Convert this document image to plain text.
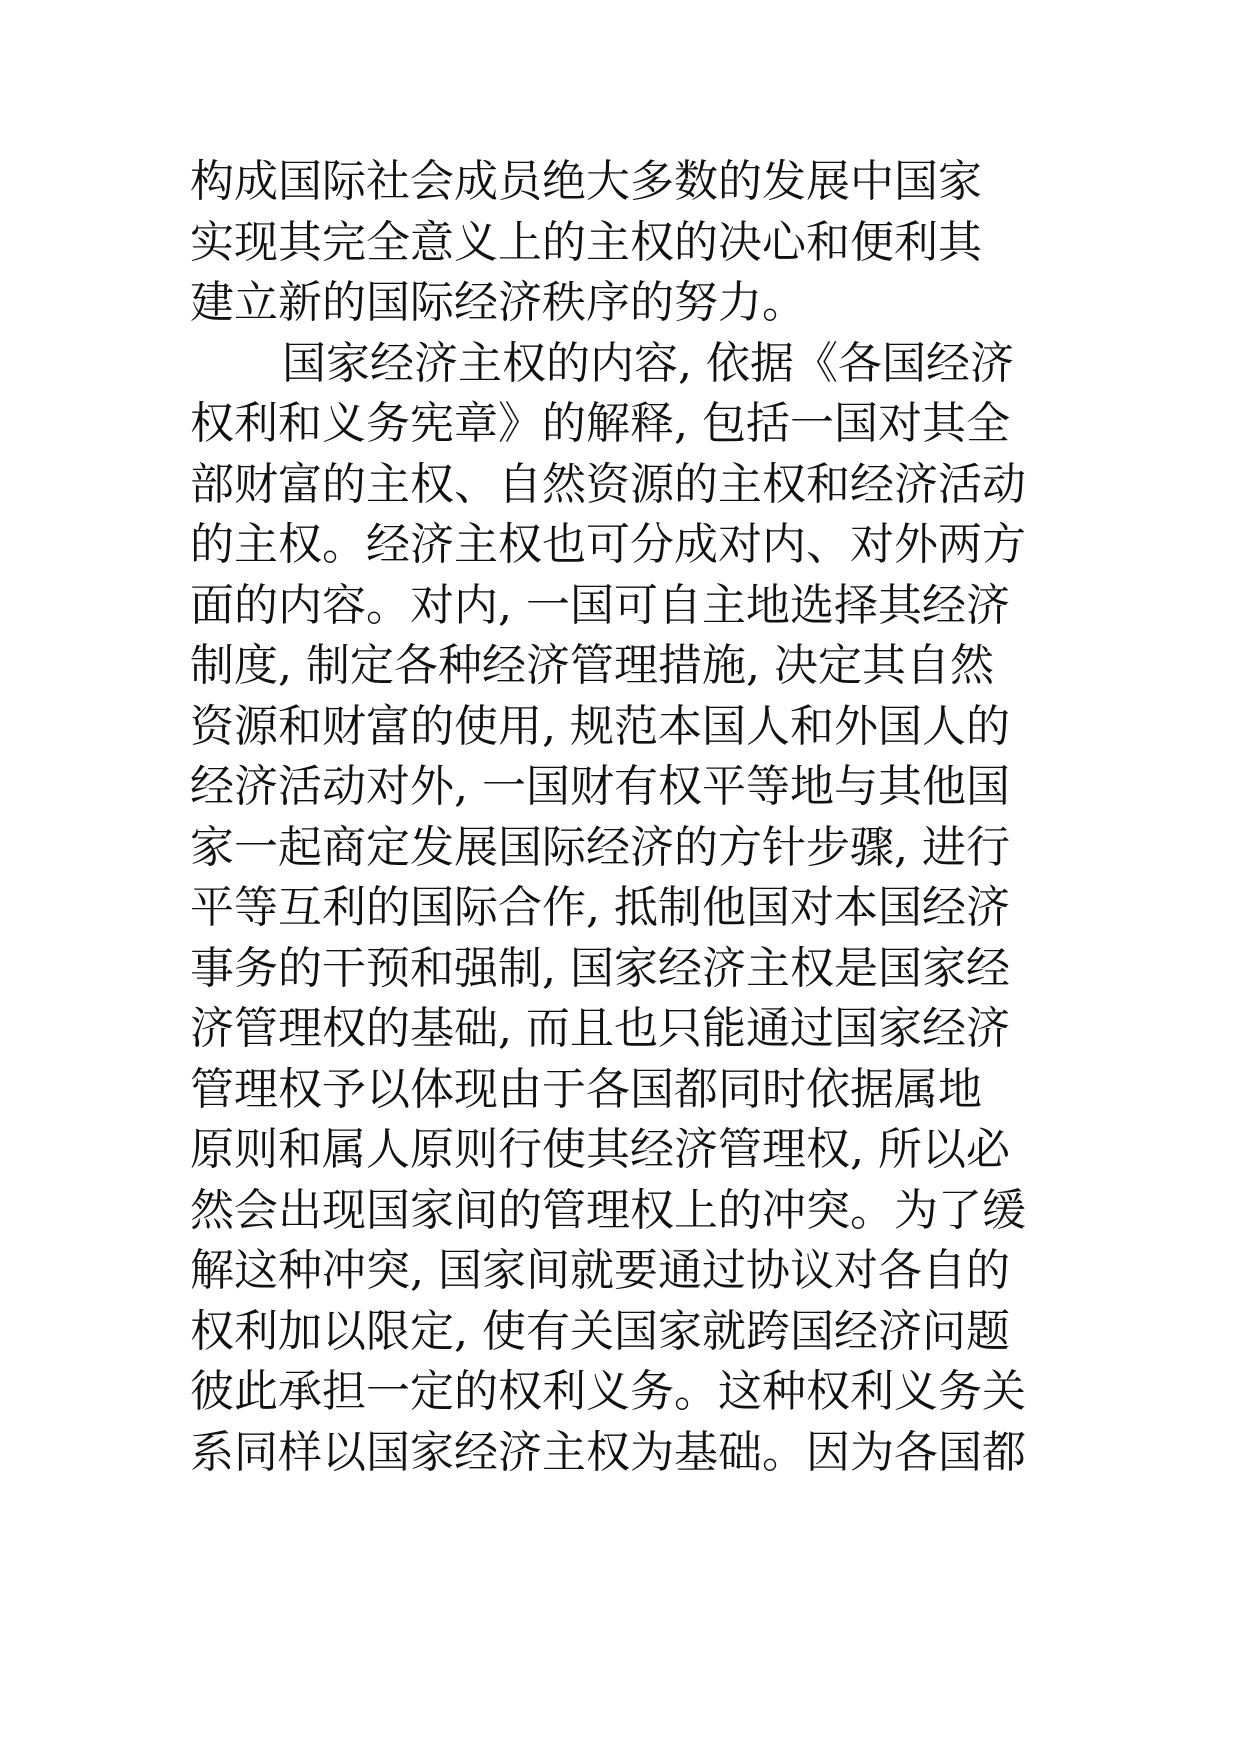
构成国际社会成员绝大多数的发展中国家
实现其完全意义上的主权的决心和便利其
建立新的国际经济秩序的努力。
国家经济主权的内容, 依据《各国经济
权利和义务宪章》的解释, 包括一国对其全
部财富的主权、自然资源的主权和经济活动
的主权。经济主权也可分成对内、对外两方
面的内容。对内, 一国可自主地选择其经济
制度, 制定各种经济管理措施, 决定其自然
资源和财富的使用, 规范本国人和外国人的
经济活动对外, 一国财有权平等地与其他国
家一起商定发展国际经济的方针步骤, 进行
平等互利的国际合作, 抵制他国对本国经济
事务的干预和强制, 国家经济主权是国家经
济管理权的基础, 而且也只能通过国家经济
管理权予以体现由于各国都同时依据属地
原则和属人原则行使其经济管理权, 所以必
然会出现国家间的管理权上的冲突。为了缓
解这种冲突, 国家间就要通过协议对各自的
权利加以限定, 使有关国家就跨国经济问题
彼此承担一定的权利义务。这种权利义务关
系同样以国家经济主权为基础。因为各国都
